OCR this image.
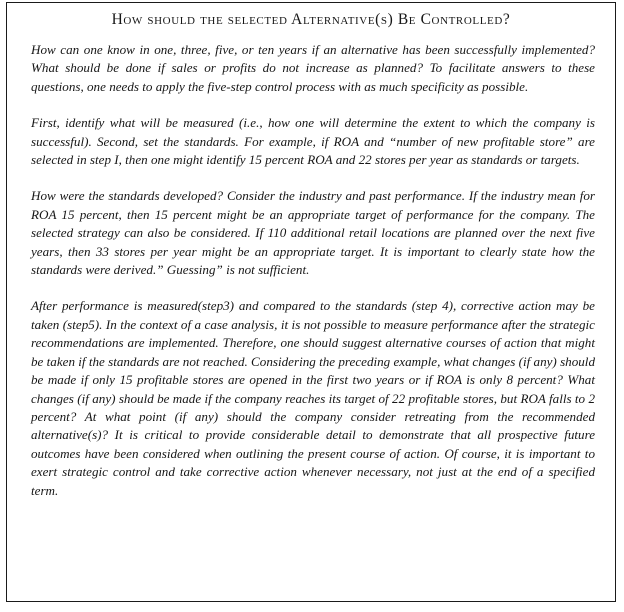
How should the selected Alternative(s) Be Controlled?

How can one know in one, three, five, or ten years if an alternative has been successfully implemented? What should be done if sales or profits do not increase as planned? To facilitate answers to these questions, one needs to apply the five-step control process with as much specificity as possible.

First, identify what will be measured (i.e., how one will determine the extent to which the company is successful). Second, set the standards. For example, if ROA and “number of new profitable store” are selected in step I, then one might identify 15 percent ROA and 22 stores per year as standards or targets.

How were the standards developed? Consider the industry and past performance. If the industry mean for ROA 15 percent, then 15 percent might be an appropriate target of performance for the company. The selected strategy can also be considered. If 110 additional retail locations are planned over the next five years, then 33 stores per year might be an appropriate target. It is important to clearly state how the standards were derived.” Guessing” is not sufficient.

After performance is measured(step3) and compared to the standards (step 4), corrective action may be taken (step5). In the context of a case analysis, it is not possible to measure performance after the strategic recommendations are implemented. Therefore, one should suggest alternative courses of action that might be taken if the standards are not reached. Considering the preceding example, what changes (if any) should be made if only 15 profitable stores are opened in the first two years or if ROA is only 8 percent? What changes (if any) should be made if the company reaches its target of 22 profitable stores, but ROA falls to 2 percent? At what point (if any) should the company consider retreating from the recommended alternative(s)? It is critical to provide considerable detail to demonstrate that all prospective future outcomes have been considered when outlining the present course of action. Of course, it is important to exert strategic control and take corrective action whenever necessary, not just at the end of a specified term.
